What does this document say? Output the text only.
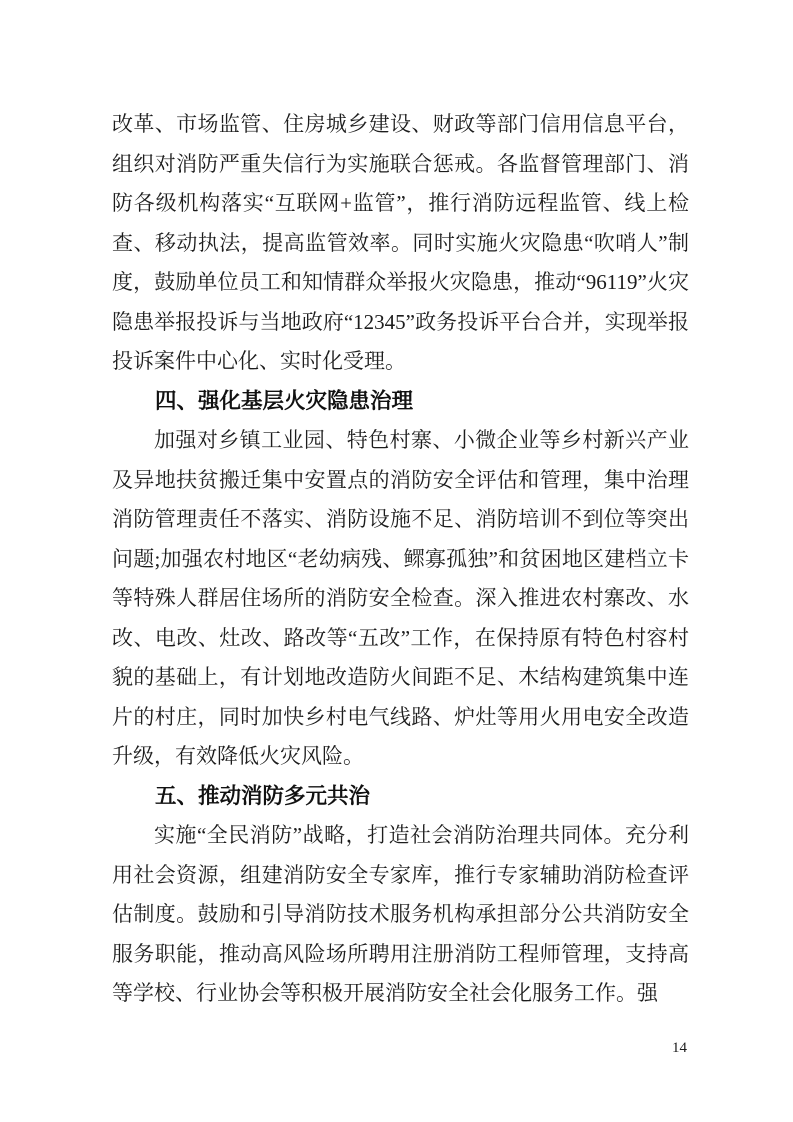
改革、市场监管、住房城乡建设、财政等部门信用信息平台，组织对消防严重失信行为实施联合惩戒。各监督管理部门、消防各级机构落实“互联网+监管”，推行消防远程监管、线上检查、移动执法，提高监管效率。同时实施火灾隐患“吹哨人”制度，鼓励单位员工和知情群众举报火灾隐患，推动“96119”火灾隐患举报投诉与当地政府“12345”政务投诉平台合并，实现举报投诉案件中心化、实时化受理。

四、强化基层火灾隐患治理

加强对乡镇工业园、特色村寨、小微企业等乡村新兴产业及异地扶贫搬迁集中安置点的消防安全评估和管理，集中治理消防管理责任不落实、消防设施不足、消防培训不到位等突出问题;加强农村地区“老幼病残、鳏寡孤独”和贫困地区建档立卡等特殊人群居住场所的消防安全检查。深入推进农村寨改、水改、电改、灶改、路改等“五改”工作，在保持原有特色村容村貌的基础上，有计划地改造防火间距不足、木结构建筑集中连片的村庄，同时加快乡村电气线路、炉灶等用火用电安全改造升级，有效降低火灾风险。

五、推动消防多元共治

实施“全民消防”战略，打造社会消防治理共同体。充分利用社会资源，组建消防安全专家库，推行专家辅助消防检查评估制度。鼓励和引导消防技术服务机构承担部分公共消防安全服务职能，推动高风险场所聘用注册消防工程师管理，支持高等学校、行业协会等积极开展消防安全社会化服务工作。强

14
